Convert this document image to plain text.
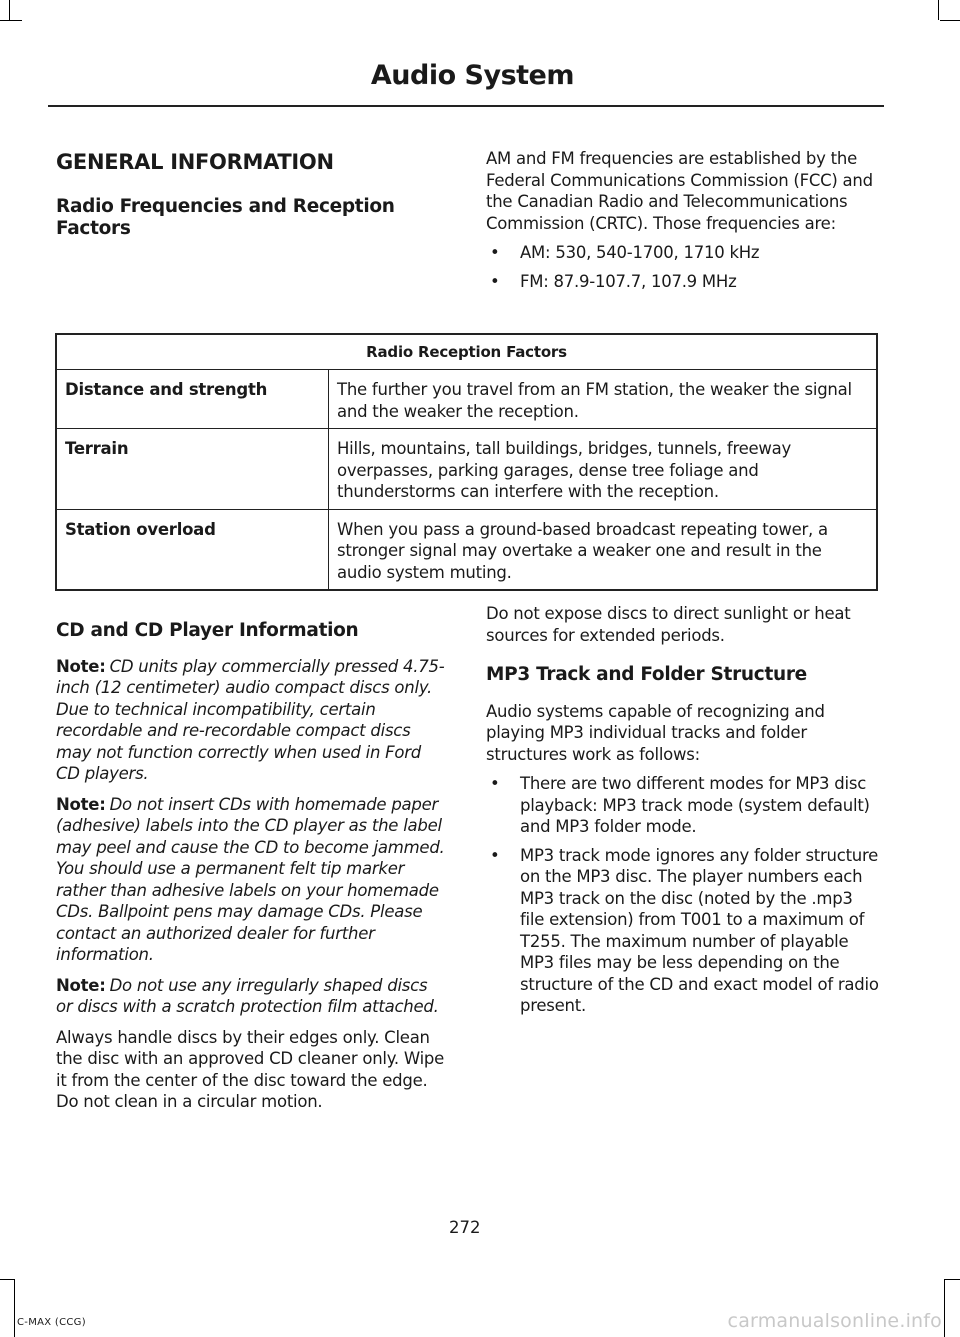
Audio System
GENERAL INFORMATION
Radio Frequencies and Reception Factors

AM and FM frequencies are established by the Federal Communications Commission (FCC) and the Canadian Radio and Telecommunications Commission (CRTC). Those frequencies are:

• AM: 530, 540-1700, 1710 kHz
• FM: 87.9-107.7, 107.9 MHz
Radio Reception Factors	
Distance and strength	The further you travel from an FM station, the weaker the signal and the weaker the reception.
Terrain	Hills, mountains, tall buildings, bridges, tunnels, freeway overpasses, parking garages, dense tree foliage and thunderstorms can interfere with the reception.
Station overload	When you pass a ground-based broadcast repeating tower, a stronger signal may overtake a weaker one and result in the audio system muting.
CD and CD Player Information

Note: CD units play commercially pressed 4.75-inch (12 centimeter) audio compact discs only. Due to technical incompatibility, certain recordable and re-recordable compact discs may not function correctly when used in Ford CD players.

Note: Do not insert CDs with homemade paper (adhesive) labels into the CD player as the label may peel and cause the CD to become jammed. You should use a permanent felt tip marker rather than adhesive labels on your homemade CDs. Ballpoint pens may damage CDs. Please contact an authorized dealer for further information.

Note: Do not use any irregularly shaped discs or discs with a scratch protection film attached.

Always handle discs by their edges only. Clean the disc with an approved CD cleaner only. Wipe it from the center of the disc toward the edge. Do not clean in a circular motion.

Do not expose discs to direct sunlight or heat sources for extended periods.

MP3 Track and Folder Structure

Audio systems capable of recognizing and playing MP3 individual tracks and folder structures work as follows:

• There are two different modes for MP3 disc playback: MP3 track mode (system default) and MP3 folder mode.
• MP3 track mode ignores any folder structure on the MP3 disc. The player numbers each MP3 track on the disc (noted by the .mp3 file extension) from T001 to a maximum of T255. The maximum number of playable MP3 files may be less depending on the structure of the CD and exact model of radio present.
272
C-MAX (CCG)	carmanualsonline.info
